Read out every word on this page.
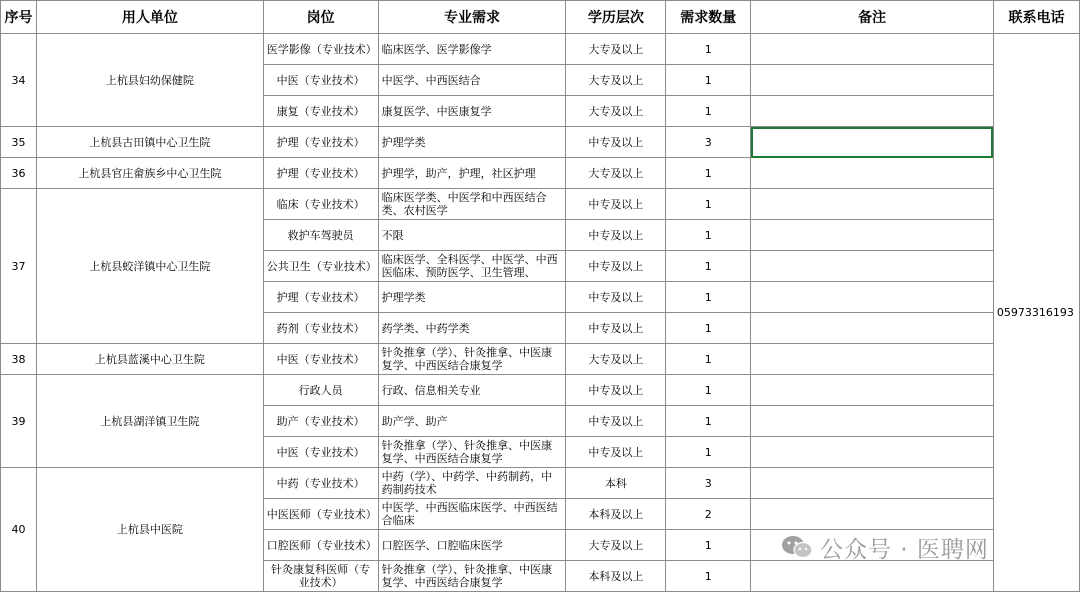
序号	用人单位	岗位	专业需求	学历层次	需求数量	备注	联系电话
34	上杭县妇幼保健院	医学影像（专业技术）	临床医学、医学影像学	大专及以上	1		05973316193
		中医（专业技术）	中医学、中西医结合	大专及以上	1		
		康复（专业技术）	康复医学、中医康复学	大专及以上	1		
35	上杭县古田镇中心卫生院	护理（专业技术）	护理学类	中专及以上	3		

36	上杭县官庄畲族乡中心卫生院	护理（专业技术）	护理学，助产，护理，社区护理	大专及以上	1		
37	上杭县蛟洋镇中心卫生院	临床（专业技术）	临床医学类、中医学和中西医结合类、农村医学	中专及以上	1		
		救护车驾驶员	不限	中专及以上	1		
		公共卫生（专业技术）	临床医学、全科医学、中医学、中西医临床、预防医学、卫生管理、	中专及以上	1		
		护理（专业技术）	护理学类	中专及以上	1		
		药剂（专业技术）	药学类、中药学类	中专及以上	1		
38	上杭县蓝溪中心卫生院	中医（专业技术）	针灸推拿（学）、针灸推拿、中医康复学、中西医结合康复学	大专及以上	1		
39	上杭县湖洋镇卫生院	行政人员	行政、信息相关专业	中专及以上	1		
		助产（专业技术）	助产学、助产	中专及以上	1		
		中医（专业技术）	针灸推拿（学）、针灸推拿、中医康复学、中西医结合康复学	中专及以上	1		
40	上杭县中医院	中药（专业技术）	中药（学）、中药学、中药制药，中药制药技术	本科	3		
		中医医师（专业技术）	中医学、中西医临床医学、中西医结合临床	本科及以上	2		
		口腔医师（专业技术）	口腔医学、口腔临床医学	大专及以上	1		
		针灸康复科医师（专业技术）	针灸推拿（学）、针灸推拿、中医康复学、中西医结合康复学	本科及以上	1		
公众号 · 医聘网
